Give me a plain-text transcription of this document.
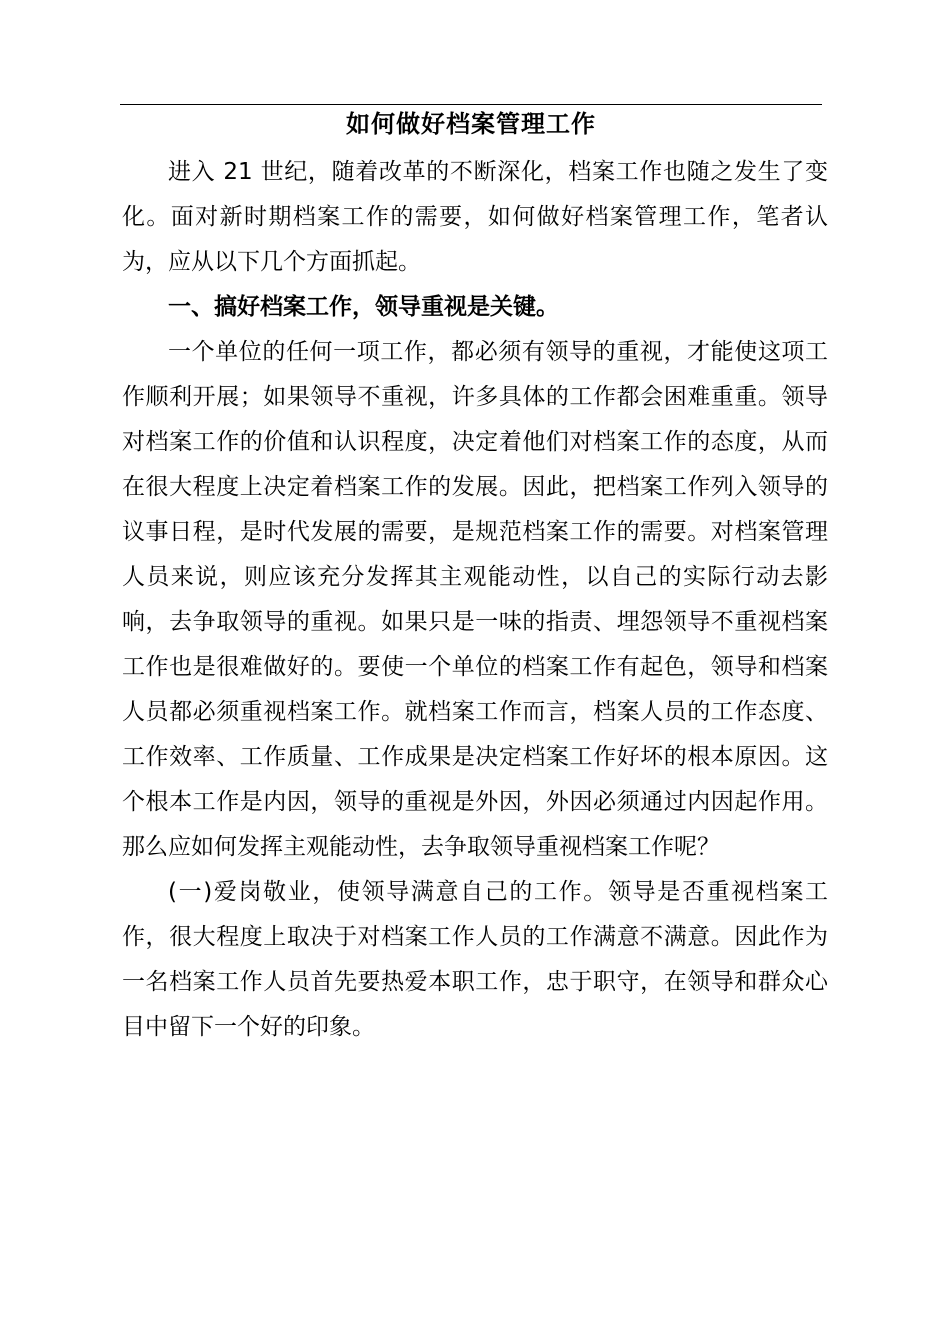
如何做好档案管理工作

进入 21 世纪，随着改革的不断深化，档案工作也随之发生了变化。面对新时期档案工作的需要，如何做好档案管理工作，笔者认为，应从以下几个方面抓起。

一、搞好档案工作，领导重视是关键。

一个单位的任何一项工作，都必须有领导的重视，才能使这项工作顺利开展；如果领导不重视，许多具体的工作都会困难重重。领导对档案工作的价值和认识程度，决定着他们对档案工作的态度，从而在很大程度上决定着档案工作的发展。因此，把档案工作列入领导的议事日程，是时代发展的需要，是规范档案工作的需要。对档案管理人员来说，则应该充分发挥其主观能动性，以自己的实际行动去影响，去争取领导的重视。如果只是一味的指责、埋怨领导不重视档案工作也是很难做好的。要使一个单位的档案工作有起色，领导和档案人员都必须重视档案工作。就档案工作而言，档案人员的工作态度、工作效率、工作质量、工作成果是决定档案工作好坏的根本原因。这个根本工作是内因，领导的重视是外因，外因必须通过内因起作用。那么应如何发挥主观能动性，去争取领导重视档案工作呢？

(一)爱岗敬业，使领导满意自己的工作。领导是否重视档案工作，很大程度上取决于对档案工作人员的工作满意不满意。因此作为一名档案工作人员首先要热爱本职工作，忠于职守，在领导和群众心目中留下一个好的印象。
